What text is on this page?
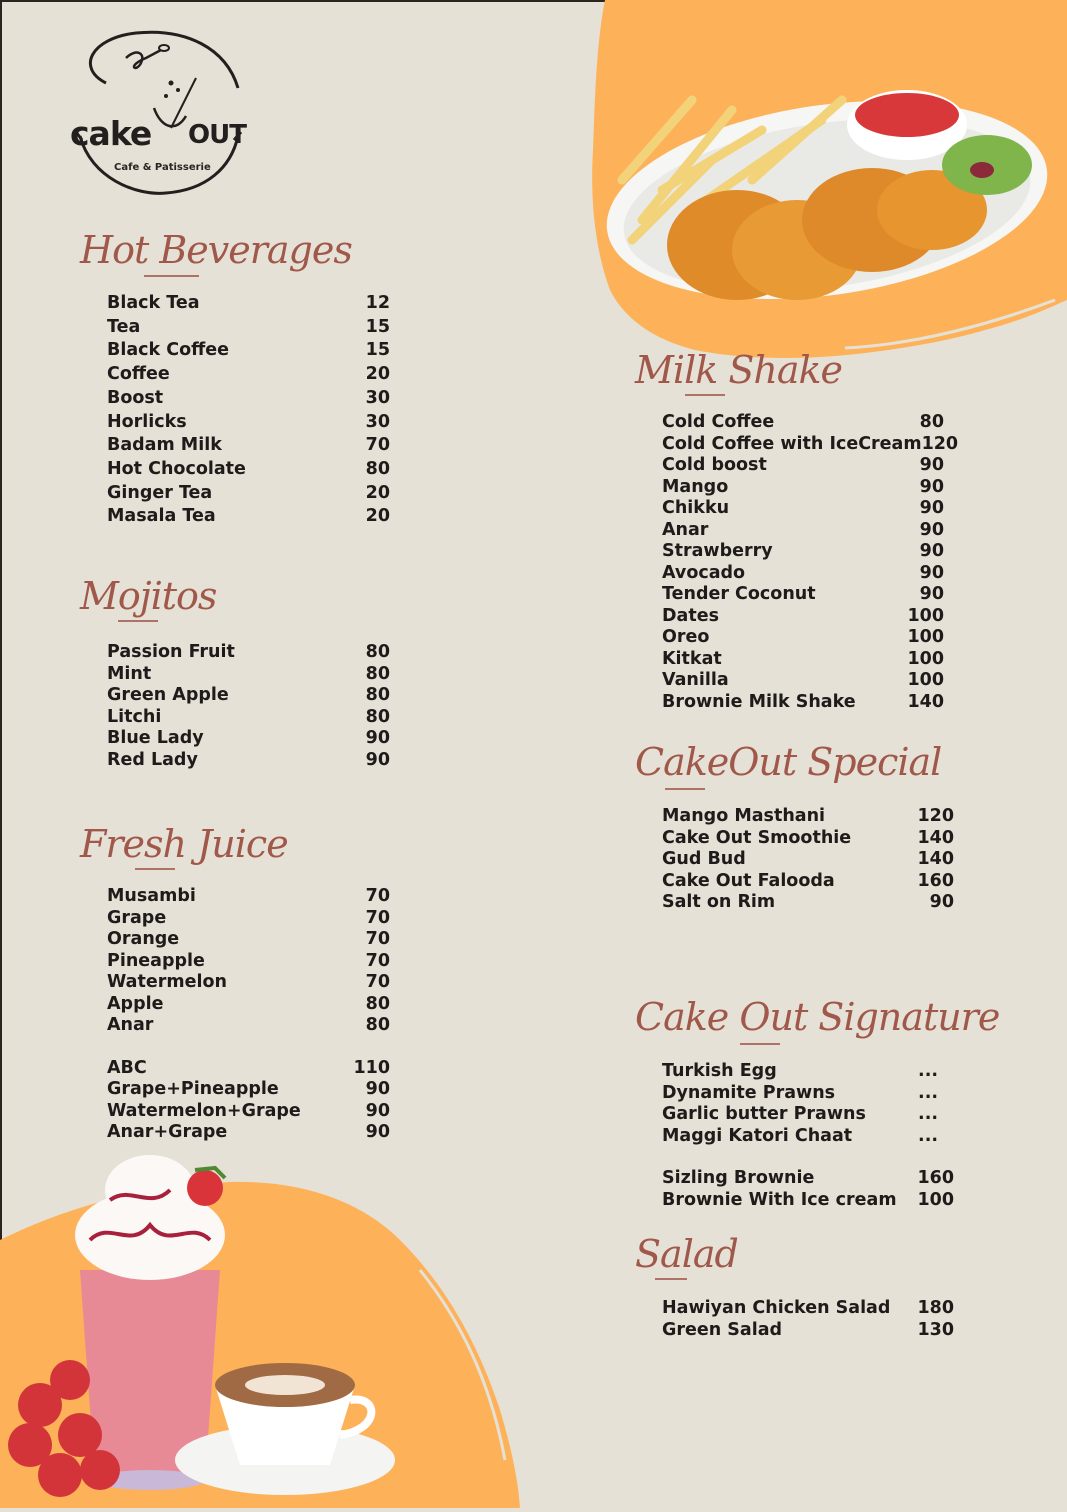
cake OUT
Cafe & Patisserie
Hot Beverages
Black Tea	12
Tea	15
Black Coffee	15
Coffee	20
Boost	30
Horlicks	30
Badam Milk	70
Hot Chocolate	80
Ginger Tea	20
Masala Tea	20
Mojitos
Passion Fruit	80
Mint	80
Green Apple	80
Litchi	80
Blue Lady	90
Red Lady	90
Fresh Juice
Musambi	70
Grape	70
Orange	70
Pineapple	70
Watermelon	70
Apple	80
Anar	80
ABC	110
Grape+Pineapple	90
Watermelon+Grape	90
Anar+Grape	90
Milk Shake
Cold Coffee	80
Cold Coffee with IceCream 120
Cold boost	90
Mango	90
Chikku	90
Anar	90
Strawberry	90
Avocado	90
Tender Coconut	90
Dates	100
Oreo	100
Kitkat	100
Vanilla	100
Brownie Milk Shake	140
CakeOut Special
Mango Masthani	120
Cake Out Smoothie	140
Gud Bud	140
Cake Out Falooda	160
Salt on Rim	90
Cake Out Signature
Turkish Egg	...
Dynamite Prawns	...
Garlic butter Prawns	...
Maggi Katori Chaat	...
Sizling Brownie	160
Brownie With Ice cream 100
Salad
Hawiyan Chicken Salad 180
Green Salad	130
